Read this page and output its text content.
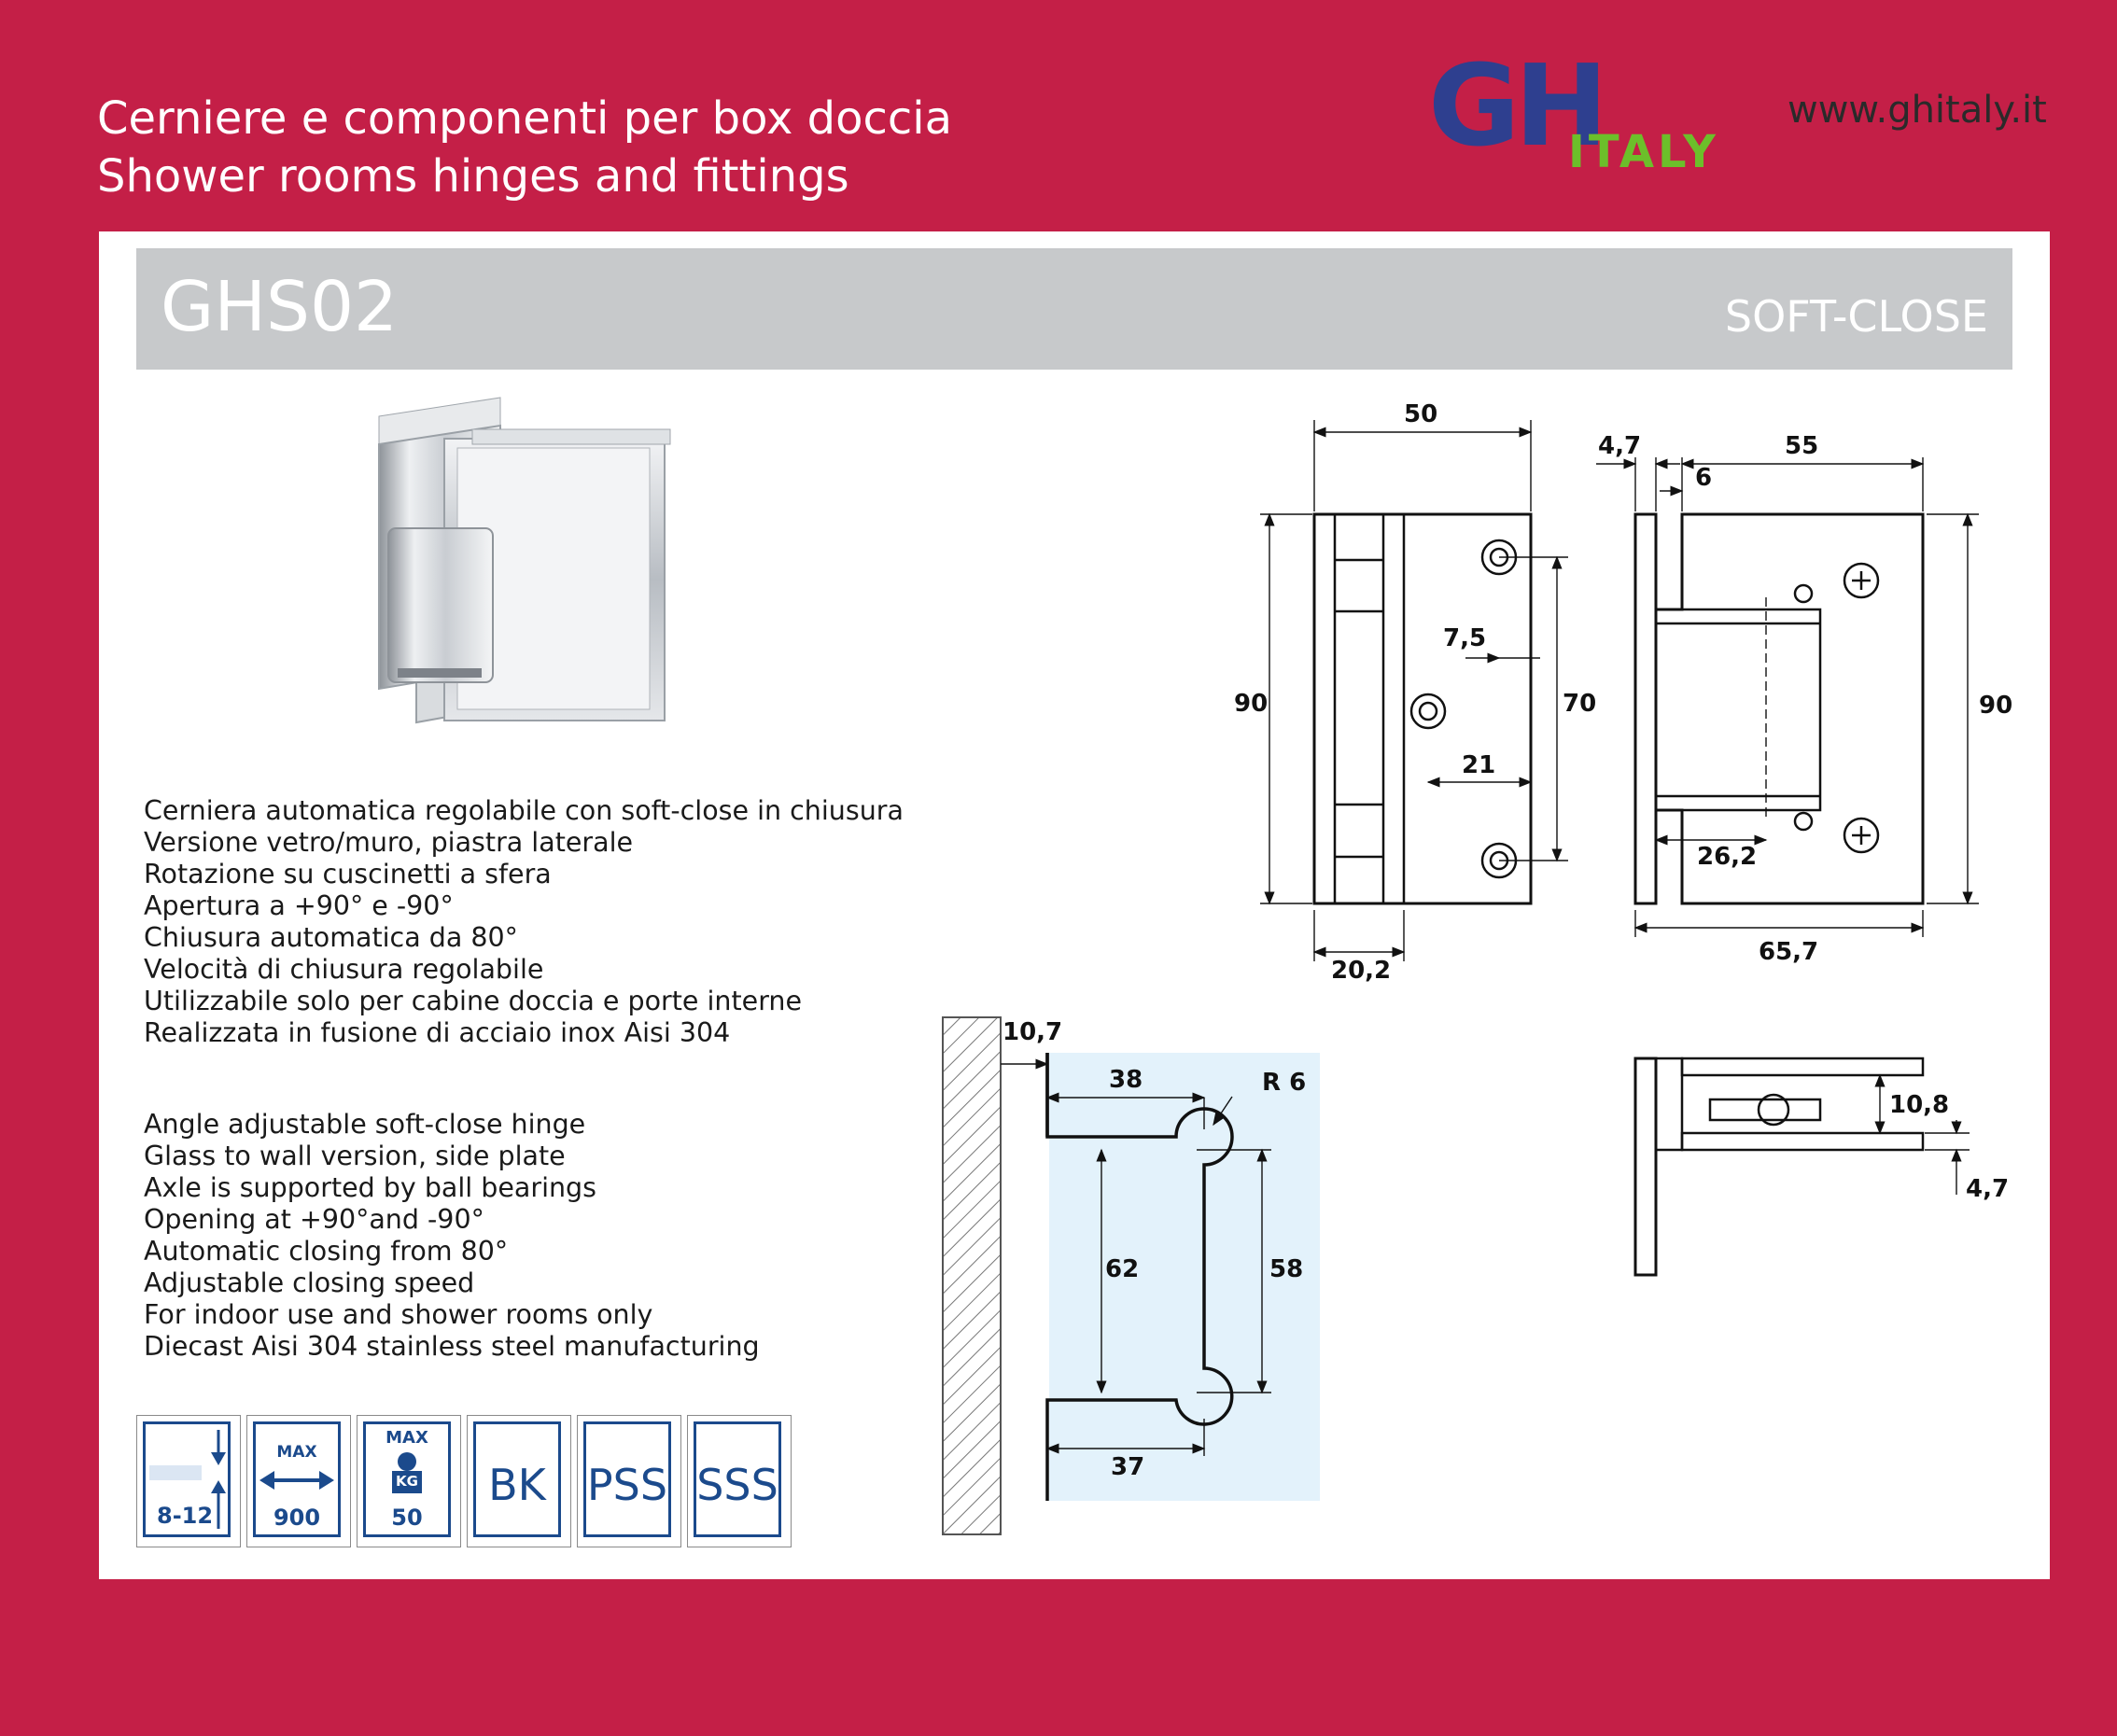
Cerniere e componenti per box doccia
Shower rooms hinges and fittings
GH
ITALY
www.ghitaly.it
GHS02	SOFT-CLOSE
Cerniera automatica regolabile con soft-close in chiusura
Versione vetro/muro, piastra laterale
Rotazione su cuscinetti a sfera
Apertura a +90° e -90°
Chiusura automatica da 80°
Velocità di chiusura regolabile
Utilizzabile solo per cabine doccia e porte interne
Realizzata in fusione di acciaio inox Aisi 304
Angle adjustable soft-close hinge
Glass to wall version, side plate
Axle is supported by ball bearings
Opening at +90°and -90°
Automatic closing from 80°
Adjustable closing speed
For indoor use and shower rooms only
Diecast Aisi 304 stainless steel manufacturing
8-12
MAX
900
MAX
KG
50
BK PSS SSS
50
90	70
7,5
21
20,2
4,7	55
6
90
26,2
65,7
10,7
38	R 6
62	58
37
10,8
4,7
